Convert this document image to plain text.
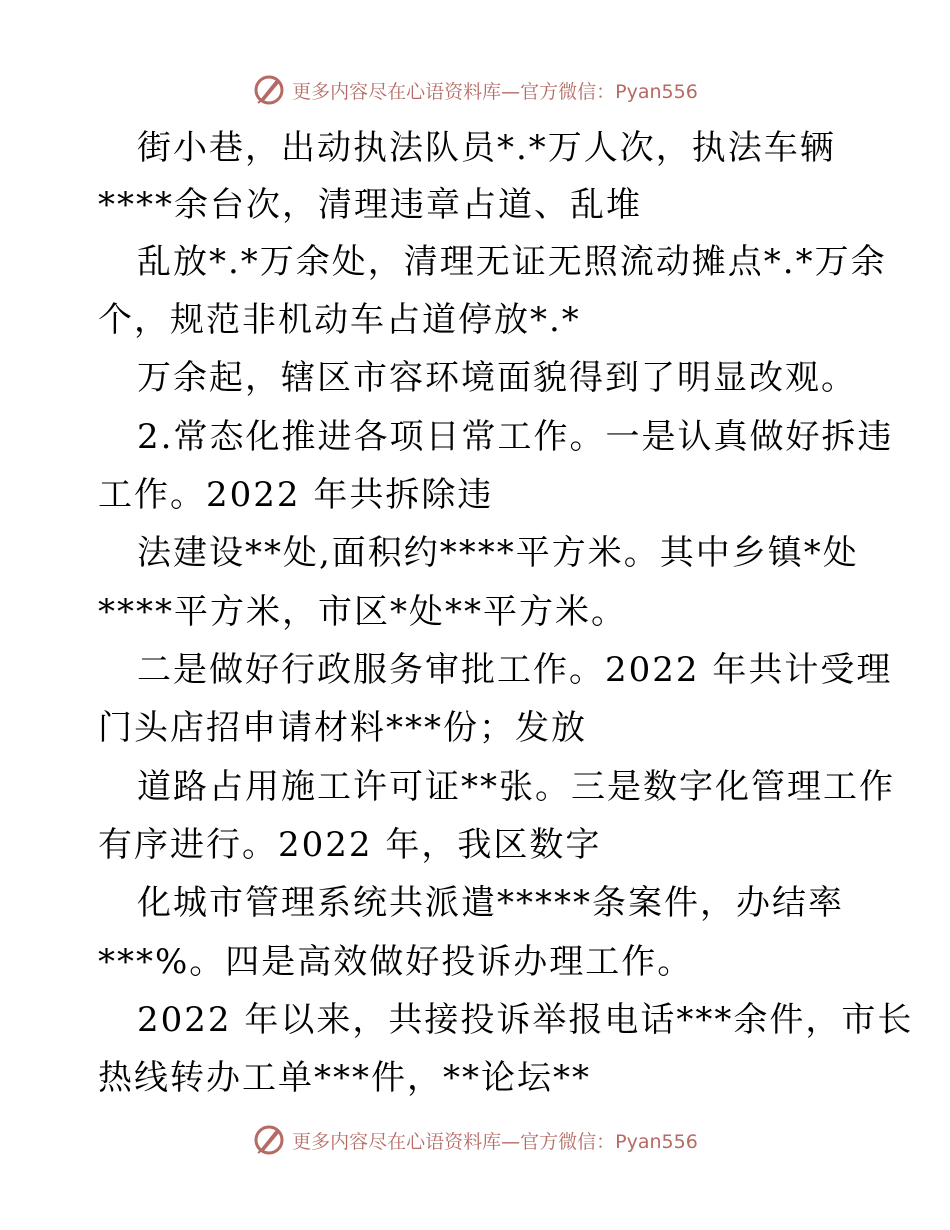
更多内容尽在心语资料库—官方微信：Pyan556
街小巷，出动执法队员*.*万人次，执法车辆
****余台次，清理违章占道、乱堆
乱放*.*万余处，清理无证无照流动摊点*.*万余
个，规范非机动车占道停放*.*
万余起，辖区市容环境面貌得到了明显改观。
2.常态化推进各项日常工作。一是认真做好拆违
工作。2022 年共拆除违
法建设**处,面积约****平方米。其中乡镇*处
****平方米，市区*处**平方米。
二是做好行政服务审批工作。2022 年共计受理
门头店招申请材料***份；发放
道路占用施工许可证**张。三是数字化管理工作
有序进行。2022 年，我区数字
化城市管理系统共派遣*****条案件，办结率
***%。四是高效做好投诉办理工作。
2022 年以来，共接投诉举报电话***余件，市长
热线转办工单***件，**论坛**
更多内容尽在心语资料库—官方微信：Pyan556
